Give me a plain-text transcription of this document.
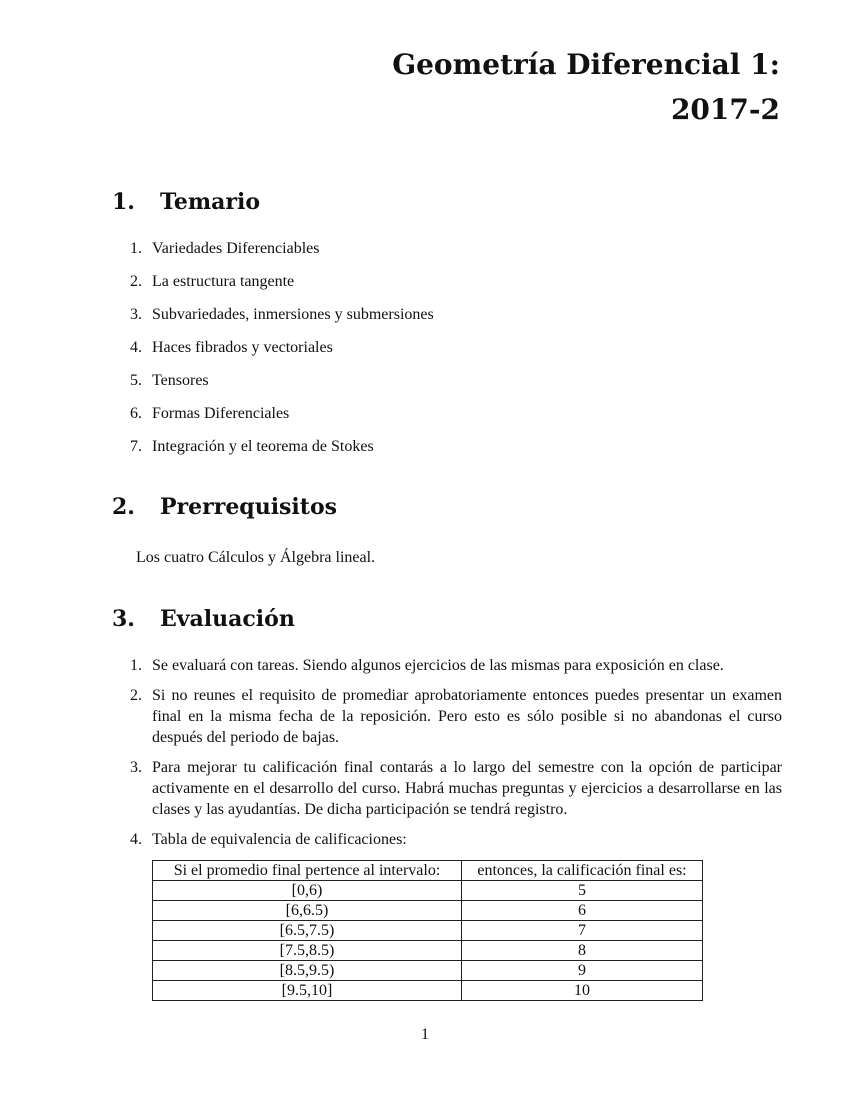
Geometría Diferencial 1:
2017-2
1. Temario
1. Variedades Diferenciables
2. La estructura tangente
3. Subvariedades, inmersiones y submersiones
4. Haces fibrados y vectoriales
5. Tensores
6. Formas Diferenciales
7. Integración y el teorema de Stokes
2. Prerrequisitos
Los cuatro Cálculos y Álgebra lineal.
3. Evaluación
1. Se evaluará con tareas. Siendo algunos ejercicios de las mismas para exposición en clase.
2. Si no reunes el requisito de promediar aprobatoriamente entonces puedes presentar un examen final en la misma fecha de la reposición. Pero esto es sólo posible si no abandonas el curso después del periodo de bajas.
3. Para mejorar tu calificación final contarás a lo largo del semestre con la opción de participar activamente en el desarrollo del curso. Habrá muchas preguntas y ejercicios a desarrollarse en las clases y las ayudantías. De dicha participación se tendrá registro.
4. Tabla de equivalencia de calificaciones:
Si el promedio final pertence al intervalo:	entonces, la calificación final es:
[0,6)	5
[6,6.5)	6
[6.5,7.5)	7
[7.5,8.5)	8
[8.5,9.5)	9
[9.5,10]	10
1
